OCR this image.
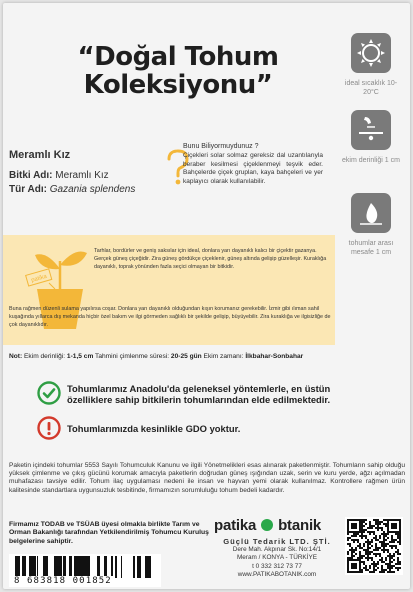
“Doğal Tohum
Koleksiyonu”
Meramlı Kız
Bitki Adı: Meramlı Kız
Tür Adı: Gazania splendens
Bunu Biliyormuydunuz ?
Çiçekleri solar solmaz gereksiz dal uzantılarıyla beraber kesilmesi çiçeklenmeyi teşvik eder. Bahçelerde çiçek gruplan, kaya bahçeleri ve yer kaplayıcı olarak kullanılabilir.
ideal sıcaklık 10-20°C
ekim derinliği 1 cm
tohumlar arası mesafe 1 cm
patika
Tarhlar, bordürler ve geniş saksılar için ideal, donlara yarı dayanıklı kalıcı bir çiçektir gazanya. Gerçek güneş çiçeğidir. Zira güneş gördükçe çiçeklenir, güneş altında gelişip güzelleşir. Kuraklığa dayanıklı, toprak yönünden fazla seçici olmayan bir bitkidir.
Buna rağmen düzenli sulama yapılırsa coşar. Donlara yarı dayanıklı olduğundan kışın korumanız gerekebilir. İzmir gibi ılıman sahil kuşağında yıllarca dış mekanda hiçbir özel bakım ve ilgi görmeden sağlıklı bir şekilde gelişip, büyüyebilir. Zira kuraklığa ve ilgisizliğe de çok dayanıklıdır.
Not: Ekim derinliği: 1-1,5 cm Tahmini çimlenme süresi: 20-25 gün Ekim zamanı: İlkbahar-Sonbahar
Tohumlarımız Anadolu'da geleneksel yöntemlerle, en üstün özelliklere sahip bitkilerin tohumlarından elde edilmektedir.
Tohumlarımızda kesinlikle GDO yoktur.
Paketin içindeki tohumlar 5553 Sayılı Tohumculuk Kanunu ve ilgili Yönetmelikleri esas alınarak paketlenmiştir. Tohumların sahip olduğu yüksek çimlenme ve çıkış gücünü korumak amacıyla paketlerin doğrudan güneş ışığından uzak, serin ve kuru yerde, ağzı açılmadan muhafazası tavsiye edilir. Tohum ilaç uygulaması nedeni ile insan ve hayvan yemi olarak kullanılmaz. Kontrollere rağmen ürün kalitesinde standartlara uygunsuzluk tesbitinde, firmamızın sorumluluğu tohum bedeli kadardır.
Firmamız TODAB ve TSÜAB üyesi olmakla birlikte Tarım ve Orman Bakanlığı tarafından Yetkilendirilmiş Tohumcu Kuruluş belgelerine sahiptir.
patika btanik
Güçlü Tedarik LTD. ŞTİ.
Dere Mah. Akpınar Sk. No:14/1
Meram / KONYA - TÜRKİYE
t 0 332 312 73 77
www.PATIKABOTANIK.com
8 683818 001852
